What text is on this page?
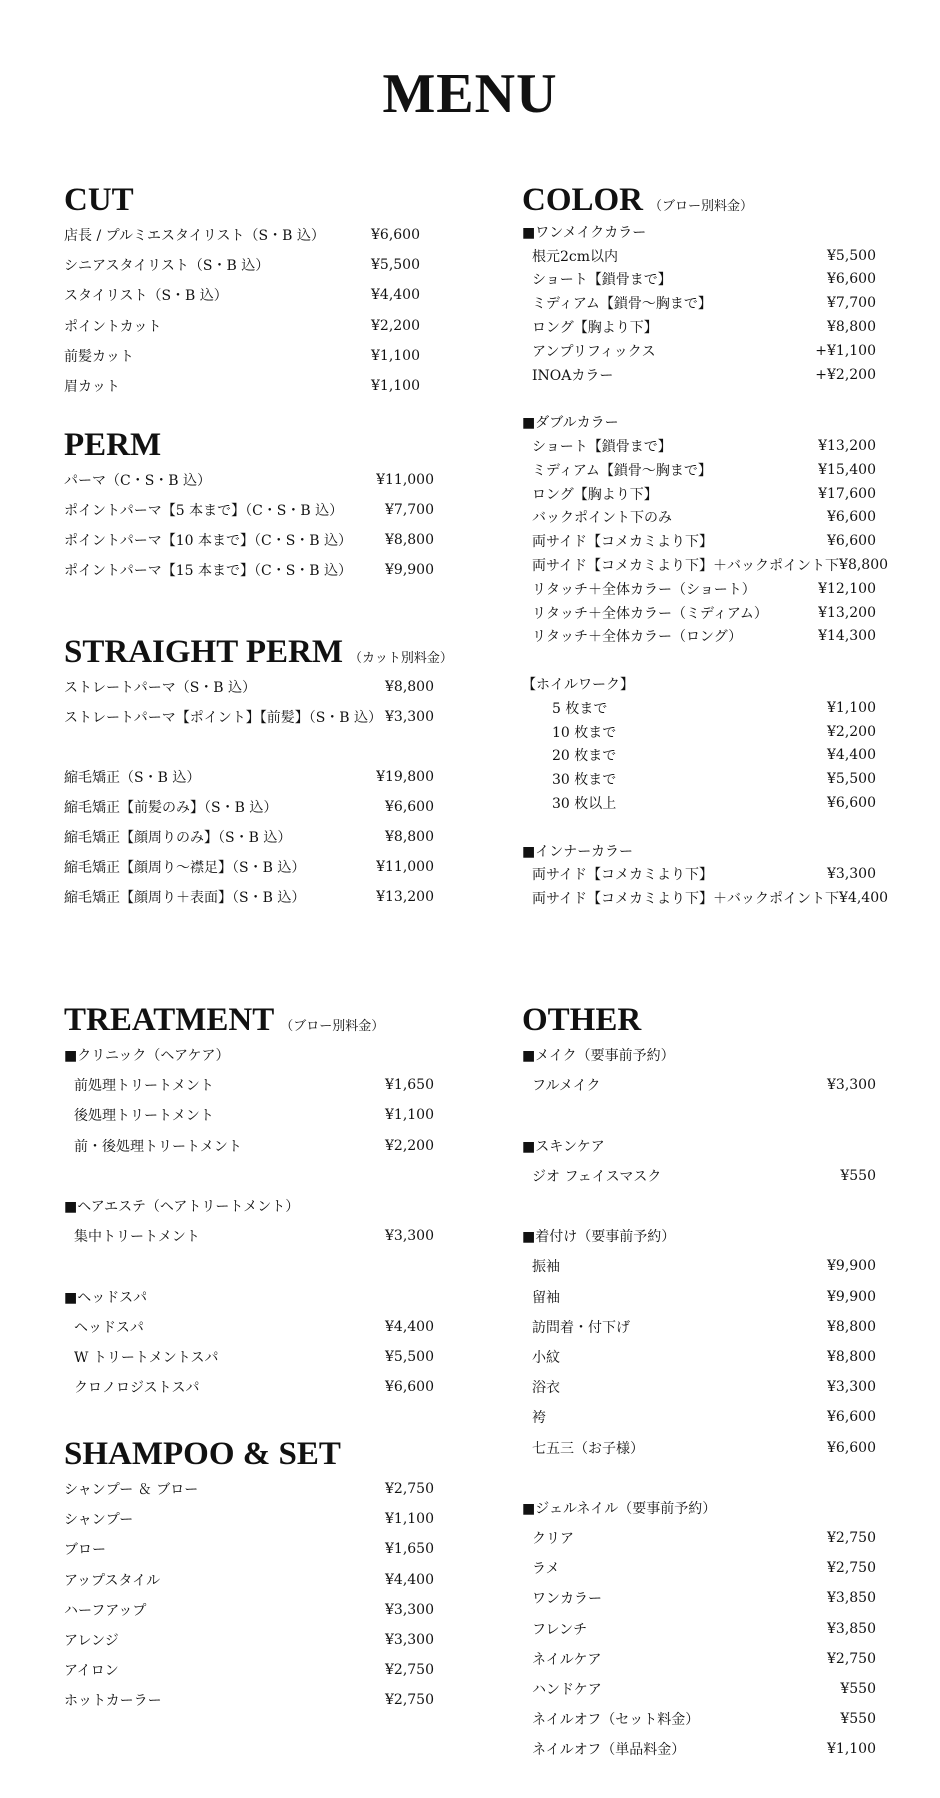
MENU
CUT
店長 / プルミエスタイリスト（S・B 込）	¥6,600
シニアスタイリスト（S・B 込）	¥5,500
スタイリスト（S・B 込）	¥4,400
ポイントカット	¥2,200
前髪カット	¥1,100
眉カット	¥1,100
PERM
パーマ（C・S・B 込）	¥11,000
ポイントパーマ【5 本まで】（C・S・B 込）	¥7,700
ポイントパーマ【10 本まで】（C・S・B 込） ¥8,800
ポイントパーマ【15 本まで】（C・S・B 込） ¥9,900
STRAIGHT PERM （カット別料金）
ストレートパーマ（S・B 込）	¥8,800
ストレートパーマ【ポイント】【前髪】（S・B 込） ¥3,300
縮毛矯正（S・B 込）	¥19,800
縮毛矯正【前髪のみ】（S・B 込）	¥6,600
縮毛矯正【顔周りのみ】（S・B 込）	¥8,800
縮毛矯正【顔周り～襟足】（S・B 込）	¥11,000
縮毛矯正【顔周り＋表面】（S・B 込）	¥13,200
TREATMENT （ブロー別料金）
■クリニック（ヘアケア）
前処理トリートメント	¥1,650
後処理トリートメント	¥1,100
前・後処理トリートメント	¥2,200
■ヘアエステ（ヘアトリートメント）
集中トリートメント	¥3,300
■ヘッドスパ
ヘッドスパ	¥4,400
W トリートメントスパ	¥5,500
クロノロジストスパ	¥6,600
SHAMPOO & SET
シャンプー ＆ ブロー	¥2,750
シャンプー	¥1,100
ブロー	¥1,650
アップスタイル	¥4,400
ハーフアップ	¥3,300
アレンジ	¥3,300
アイロン	¥2,750
ホットカーラー	¥2,750
COLOR （ブロー別料金）
■ワンメイクカラー
根元2cm以内	¥5,500
ショート【鎖骨まで】	¥6,600
ミディアム【鎖骨～胸まで】	¥7,700
ロング【胸より下】	¥8,800
アンプリフィックス	+¥1,100
INOAカラー	+¥2,200
■ダブルカラー
ショート【鎖骨まで】	¥13,200
ミディアム【鎖骨～胸まで】	¥15,400
ロング【胸より下】	¥17,600
バックポイント下のみ	¥6,600
両サイド【コメカミより下】	¥6,600
両サイド【コメカミより下】＋バックポイント下 ¥8,800
リタッチ＋全体カラー（ショート）	¥12,100
リタッチ＋全体カラー（ミディアム）	¥13,200
リタッチ＋全体カラー（ロング）	¥14,300
【ホイルワーク】
5 枚まで	¥1,100
10 枚まで	¥2,200
20 枚まで	¥4,400
30 枚まで	¥5,500
30 枚以上	¥6,600
■インナーカラー
両サイド【コメカミより下】	¥3,300
両サイド【コメカミより下】＋バックポイント下 ¥4,400
OTHER
■メイク（要事前予約）
フルメイク	¥3,300
■スキンケア
ジオ フェイスマスク	¥550
■着付け（要事前予約）
振袖	¥9,900
留袖	¥9,900
訪問着・付下げ	¥8,800
小紋	¥8,800
浴衣	¥3,300
袴	¥6,600
七五三（お子様）	¥6,600
■ジェルネイル（要事前予約）
クリア	¥2,750
ラメ	¥2,750
ワンカラー	¥3,850
フレンチ	¥3,850
ネイルケア	¥2,750
ハンドケア	¥550
ネイルオフ（セット料金）	¥550
ネイルオフ（単品料金）	¥1,100
